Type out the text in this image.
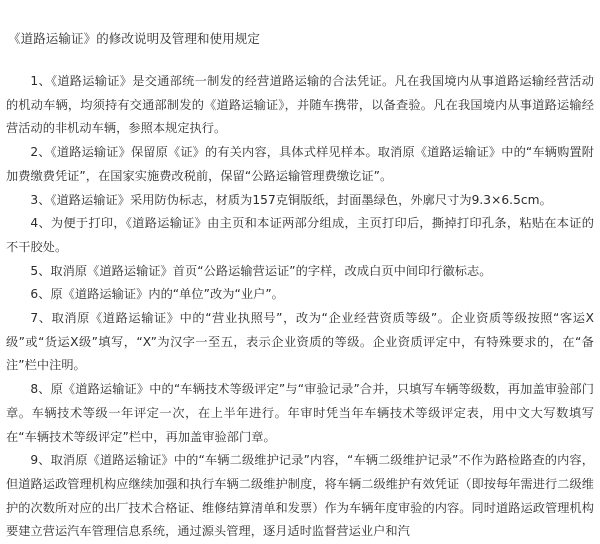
《道路运输证》的修改说明及管理和使用规定

1、《道路运输证》是交通部统一制发的经营道路运输的合法凭证。凡在我国境内从事道路运输经营活动的机动车辆，均须持有交通部制发的《道路运输证》，并随车携带，以备查验。凡在我国境内从事道路运输经营活动的非机动车辆，参照本规定执行。

2、《道路运输证》保留原《证》的有关内容，具体式样见样本。取消原《道路运输证》中的“车辆购置附加费缴费凭证”，在国家实施费改税前，保留“公路运输管理费缴讫证”。

3、《道路运输证》采用防伪标志，材质为157克铜版纸，封面墨绿色，外廓尺寸为9.3×6.5cm。

4、为便于打印，《道路运输证》由主页和本证两部分组成，主页打印后，撕掉打印孔条，粘贴在本证的不干胶处。

5、取消原《道路运输证》首页“公路运输营运证”的字样，改成白页中间印行徽标志。

6、原《道路运输证》内的“单位”改为“业户”。

7、取消原《道路运输证》中的“营业执照号”，改为“企业经营资质等级”。企业资质等级按照“客运X级”或“货运X级”填写，“X”为汉字一至五，表示企业资质的等级。企业资质评定中，有特殊要求的，在“备注”栏中注明。

8、原《道路运输证》中的“车辆技术等级评定”与“审验记录”合并，只填写车辆等级数，再加盖审验部门章。车辆技术等级一年评定一次，在上半年进行。年审时凭当年车辆技术等级评定表，用中文大写数填写在“车辆技术等级评定”栏中，再加盖审验部门章。

9、取消原《道路运输证》中的“车辆二级维护记录”内容，“车辆二级维护记录”不作为路检路查的内容，但道路运政管理机构应继续加强和执行车辆二级维护制度，将车辆二级维护有效凭证（即按每年需进行二级维护的次数所对应的出厂技术合格证、维修结算清单和发票）作为车辆年度审验的内容。同时道路运政管理机构要建立营运汽车管理信息系统，通过源头管理，逐月适时监督营运业户和汽
